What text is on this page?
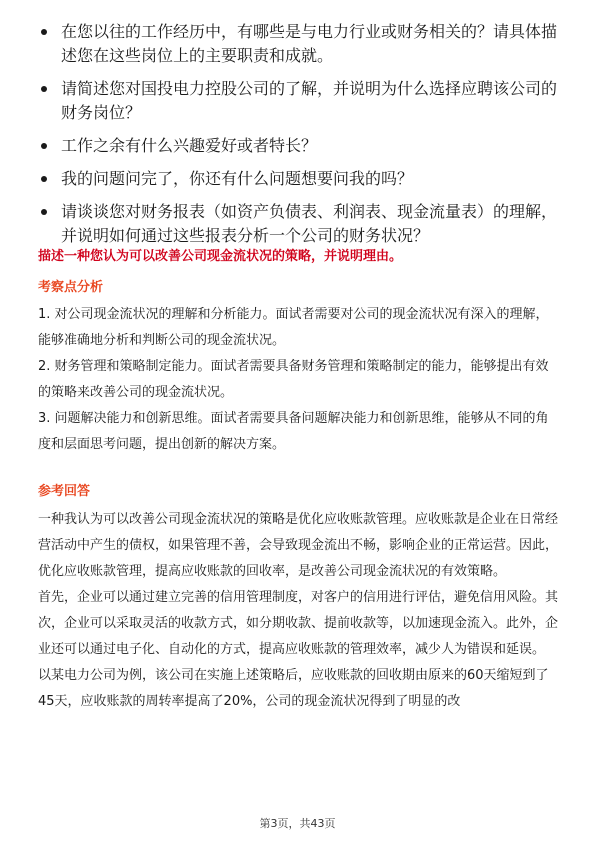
在您以往的工作经历中，有哪些是与电力行业或财务相关的？请具体描述您在这些岗位上的主要职责和成就。
请简述您对国投电力控股公司的了解，并说明为什么选择应聘该公司的财务岗位？
工作之余有什么兴趣爱好或者特长？
我的问题问完了，你还有什么问题想要问我的吗？
请谈谈您对财务报表（如资产负债表、利润表、现金流量表）的理解，并说明如何通过这些报表分析一个公司的财务状况？
描述一种您认为可以改善公司现金流状况的策略，并说明理由。
考察点分析

1. 对公司现金流状况的理解和分析能力。面试者需要对公司的现金流状况有深入的理解，能够准确地分析和判断公司的现金流状况。

2. 财务管理和策略制定能力。面试者需要具备财务管理和策略制定的能力，能够提出有效的策略来改善公司的现金流状况。

3. 问题解决能力和创新思维。面试者需要具备问题解决能力和创新思维，能够从不同的角度和层面思考问题，提出创新的解决方案。

参考回答

一种我认为可以改善公司现金流状况的策略是优化应收账款管理。应收账款是企业在日常经营活动中产生的债权，如果管理不善，会导致现金流出不畅，影响企业的正常运营。因此，优化应收账款管理，提高应收账款的回收率，是改善公司现金流状况的有效策略。

首先，企业可以通过建立完善的信用管理制度，对客户的信用进行评估，避免信用风险。其次，企业可以采取灵活的收款方式，如分期收款、提前收款等，以加速现金流入。此外，企业还可以通过电子化、自动化的方式，提高应收账款的管理效率，减少人为错误和延误。

以某电力公司为例，该公司在实施上述策略后，应收账款的回收期由原来的60天缩短到了45天，应收账款的周转率提高了20%，公司的现金流状况得到了明显的改

第3页，共43页
